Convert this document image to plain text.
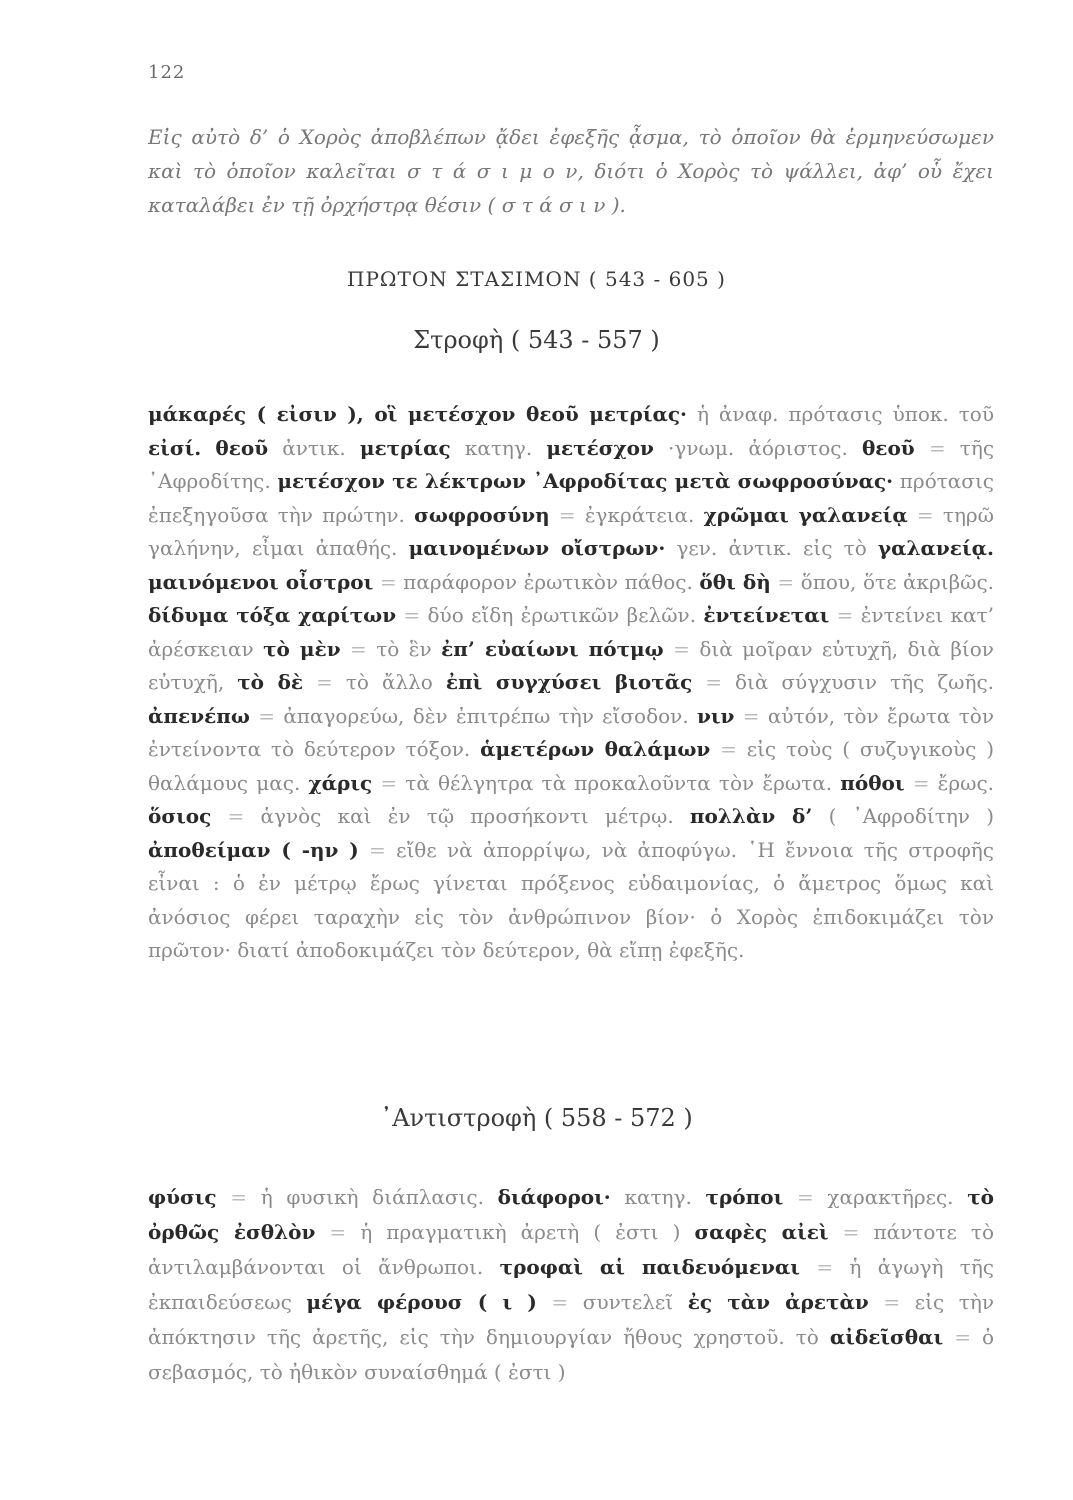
122
Εἰς αὐτὸ δ’ ὁ Χορὸς ἀποβλέπων ᾄδει ἐφεξῆς ᾆσμα, τὸ ὁποῖον θὰ ἑρμηνεύσωμεν καὶ τὸ ὁποῖον καλεῖται σ τ ά σ ι μ ο ν, διότι ὁ Χορὸς τὸ ψάλλει, ἀφ’ οὗ ἔχει καταλάβει ἐν τῇ ὀρχήστρᾳ θέσιν ( σ τ ά σ ι ν ).
ΠΡΩΤΟΝ ΣΤΑΣΙΜΟΝ ( 543 - 605 )
Στροφὴ ( 543 - 557 )
μάκαρές ( εἰσιν ), οἳ μετέσχον θεοῦ μετρίας· ἡ ἀναφ. πρότασις ὑποκ. τοῦ εἰσί. θεοῦ ἀντικ. μετρίας κατηγ. μετέσχον ·γνωμ. ἀόριστος. θεοῦ = τῆς ᾿Αφροδίτης. μετέσχον τε λέκτρων ᾿Αφροδίτας μετὰ σωφροσύνας· πρότασις ἐπεξηγοῦσα τὴν πρώτην. σωφροσύνη = ἐγκράτεια. χρῶμαι γαλανείᾳ = τηρῶ γαλήνην, εἶμαι ἀπαθής. μαινομένων οἴστρων· γεν. ἀντικ. εἰς τὸ γαλανείᾳ. μαινόμενοι οἶστροι = παράφορον ἐρωτικὸν πάθος. ὅθι δὴ = ὅπου, ὅτε ἀκριβῶς. δίδυμα τόξα χαρίτων = δύο εἴδη ἐρωτικῶν βελῶν. ἐντείνεται = ἐντείνει κατ’ ἀρέσκειαν τὸ μὲν = τὸ ἓν ἐπ’ εὐαίωνι πότμῳ = διὰ μοῖραν εὐτυχῆ, διὰ βίον εὐτυχῆ, τὸ δὲ = τὸ ἄλλο ἐπὶ συγχύσει βιοτᾶς = διὰ σύγχυσιν τῆς ζωῆς. ἀπενέπω = ἀπαγορεύω, δὲν ἐπιτρέπω τὴν εἴσοδον. νιν = αὐτόν, τὸν ἔρωτα τὸν ἐντείνοντα τὸ δεύτερον τόξον. ἁμετέρων θαλάμων = εἰς τοὺς ( συζυγικοὺς ) θαλάμους μας. χάρις = τὰ θέλγητρα τὰ προκαλοῦντα τὸν ἔρωτα. πόθοι = ἔρως. ὅσιος = ἁγνὸς καὶ ἐν τῷ προσήκοντι μέτρῳ. πολλὰν δ’ ( ᾿Αφροδίτην ) ἀποθείμαν ( -ην ) = εἴθε νὰ ἀπορρίψω, νὰ ἀποφύγω. ῾Η ἔννοια τῆς στροφῆς εἶναι : ὁ ἐν μέτρῳ ἔρως γίνεται πρόξενος εὐδαιμονίας, ὁ ἄμετρος ὅμως καὶ ἀνόσιος φέρει ταραχὴν εἰς τὸν ἀνθρώπινον βίον· ὁ Χορὸς ἐπιδοκιμάζει τὸν πρῶτον· διατί ἀποδοκιμάζει τὸν δεύτερον, θὰ εἴπῃ ἐφεξῆς.
᾿Αντιστροφὴ ( 558 - 572 )
φύσις = ἡ φυσικὴ διάπλασις. διάφοροι· κατηγ. τρόποι = χαρακτῆρες. τὸ ὀρθῶς ἐσθλὸν = ἡ πραγματικὴ ἀρετὴ ( ἐστι ) σαφὲς αἰεὶ = πάντοτε τὸ ἀντιλαμβάνονται οἱ ἄνθρωποι. τροφαὶ αἱ παιδευόμεναι = ἡ ἀγωγὴ τῆς ἐκπαιδεύσεως μέγα φέρουσ ( ι ) = συντελεῖ ἐς τὰν ἀρετὰν = εἰς τὴν ἀπόκτησιν τῆς ἀρετῆς, εἰς τὴν δημιουργίαν ἤθους χρηστοῦ. τὸ αἰδεῖσθαι = ὁ σεβασμός, τὸ ἠθικὸν συναίσθημά ( ἐστι )
